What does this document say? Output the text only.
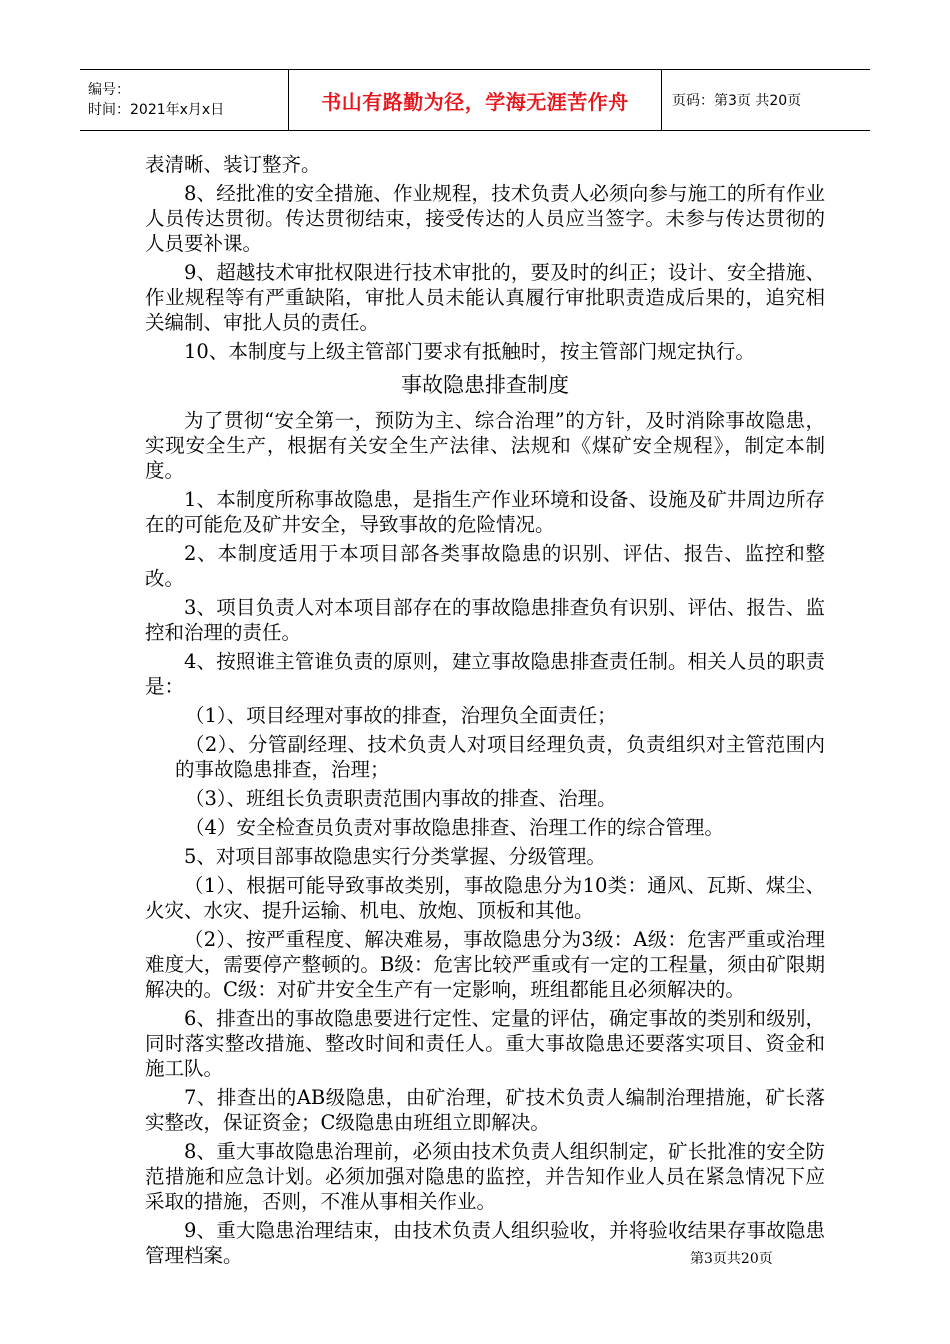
编号：
时间：2021年x月x日	书山有路勤为径，学海无涯苦作舟	页码：第3页 共20页
表清晰、装订整齐。
8、经批准的安全措施、作业规程，技术负责人必须向参与施工的所有作业人员传达贯彻。传达贯彻结束，接受传达的人员应当签字。未参与传达贯彻的人员要补课。
9、超越技术审批权限进行技术审批的，要及时的纠正；设计、安全措施、作业规程等有严重缺陷，审批人员未能认真履行审批职责造成后果的，追究相关编制、审批人员的责任。
10、本制度与上级主管部门要求有抵触时，按主管部门规定执行。
事故隐患排查制度
为了贯彻“安全第一，预防为主、综合治理”的方针，及时消除事故隐患，实现安全生产，根据有关安全生产法律、法规和《煤矿安全规程》，制定本制度。
1、本制度所称事故隐患，是指生产作业环境和设备、设施及矿井周边所存在的可能危及矿井安全，导致事故的危险情况。
2、本制度适用于本项目部各类事故隐患的识别、评估、报告、监控和整改。
3、项目负责人对本项目部存在的事故隐患排查负有识别、评估、报告、监控和治理的责任。
4、按照谁主管谁负责的原则，建立事故隐患排查责任制。相关人员的职责是：
（1）、项目经理对事故的排查，治理负全面责任；
（2）、分管副经理、技术负责人对项目经理负责，负责组织对主管范围内的事故隐患排查，治理；
（3）、班组长负责职责范围内事故的排查、治理。
（4）安全检查员负责对事故隐患排查、治理工作的综合管理。
5、对项目部事故隐患实行分类掌握、分级管理。
（1）、根据可能导致事故类别，事故隐患分为10类：通风、瓦斯、煤尘、火灾、水灾、提升运输、机电、放炮、顶板和其他。
（2）、按严重程度、解决难易，事故隐患分为3级：A级：危害严重或治理难度大，需要停产整顿的。B级：危害比较严重或有一定的工程量，须由矿限期解决的。C级：对矿井安全生产有一定影响，班组都能且必须解决的。
6、排查出的事故隐患要进行定性、定量的评估，确定事故的类别和级别，同时落实整改措施、整改时间和责任人。重大事故隐患还要落实项目、资金和施工队。
7、排查出的AB级隐患，由矿治理，矿技术负责人编制治理措施，矿长落实整改，保证资金；C级隐患由班组立即解决。
8、重大事故隐患治理前，必须由技术负责人组织制定，矿长批准的安全防范措施和应急计划。必须加强对隐患的监控，并告知作业人员在紧急情况下应采取的措施，否则，不准从事相关作业。
9、重大隐患治理结束，由技术负责人组织验收，并将验收结果存事故隐患管理档案。	第3页共20页
